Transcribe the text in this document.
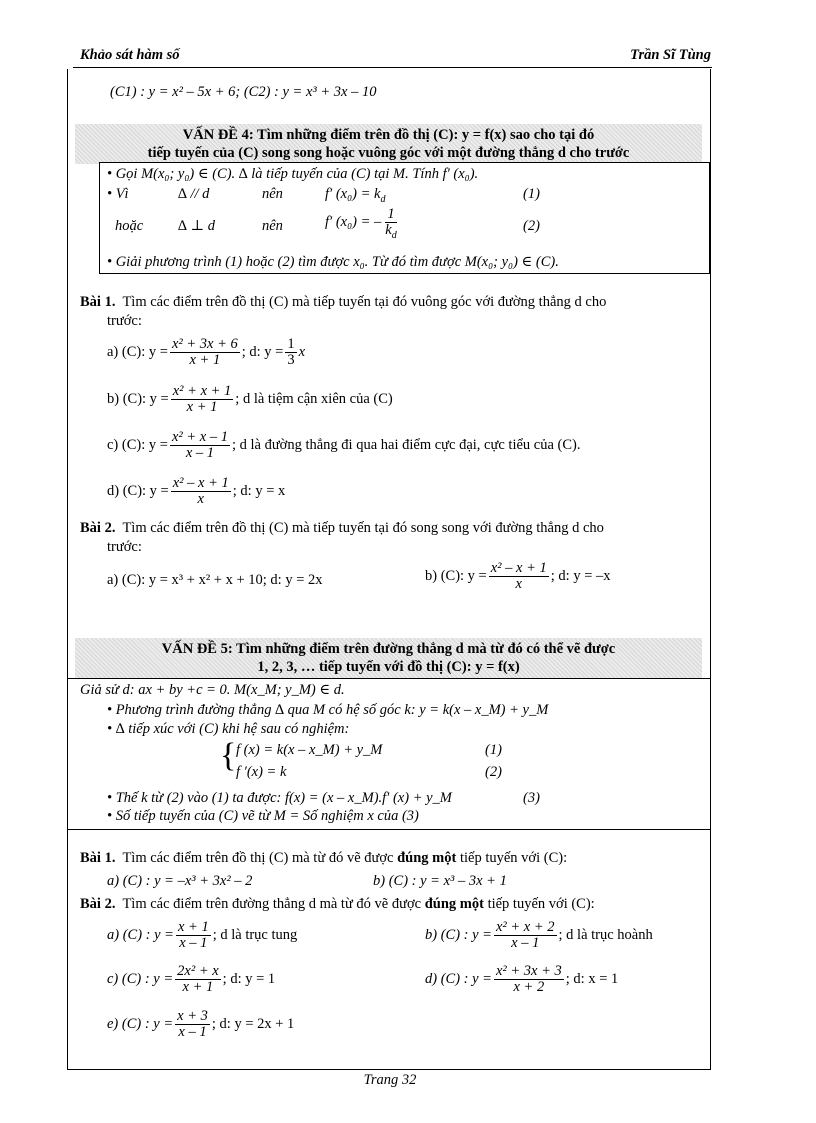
Khảo sát hàm số	Trần Sĩ Tùng
(C1) : y = x² – 5x + 6; (C2) : y = x³ + 3x – 10
VẤN ĐỀ 4: Tìm những điểm trên đồ thị (C): y = f(x) sao cho tại đó
tiếp tuyến của (C) song song hoặc vuông góc với một đường thẳng d cho trước
• Gọi M(x₀; y₀) ∈ (C). ∆ là tiếp tuyến của (C) tại M. Tính f′ (x₀).
• Vì	∆ // d	nên	f′ $(x_0) = k_d$	(1)
hoặc ∆ ⊥ d	nên	f′ (x₀) = – $\frac{1}{k_d}$	(2)
• Giải phương trình (1) hoặc (2) tìm được x₀. Từ đó tìm được M(x₀; y₀) ∈ (C).
Bài 1. Tìm các điểm trên đồ thị (C) mà tiếp tuyến tại đó vuông góc với đường thẳng d cho
trước:
a) (C): $y = \frac{\text{x² + 3x + 6}}{x + 1}$ ; d: $y = \frac{1}{3}$ x
b) (C): $y = \frac{\text{x² + x + 1}}{x + 1}$ ; d là tiệm cận xiên của (C)
c) (C): $y = \frac{\text{x² + x – 1}}{x - 1}$ ; d là đường thẳng đi qua hai điểm cực đại, cực tiểu của (C).
d) (C): $y = \frac{\text{x² – x + 1}}{x}$ ; d: y = x
Bài 2. Tìm các điểm trên đồ thị (C) mà tiếp tuyến tại đó song song với đường thẳng d cho
trước:
a) (C): y = x³ + x² + x + 10; d: y = 2x	b) (C): $y = \frac{\text{x² – x + 1}}{x}$ ; d: y = –x
VẤN ĐỀ 5: Tìm những điểm trên đường thẳng d mà từ đó có thể vẽ được
1, 2, 3, … tiếp tuyến với đồ thị (C): y = f(x)
Giả sử d: ax + by +c = 0. M(x_M; y_M) ∈ d.
• Phương trình đường thẳng ∆ qua M có hệ số góc k: y = k(x – x_M) + y_M
• ∆ tiếp xúc với (C) khi hệ sau có nghiệm:
{ f (x) = k(x – x_M) + y_M	(1)
f ′(x) = k	(2)
• Thế k từ (2) vào (1) ta được: f(x) = (x – x_M).f′ (x) + y_M	(3)
• Số tiếp tuyến của (C) vẽ từ M = Số nghiệm x của (3)
Bài 1. Tìm các điểm trên đồ thị (C) mà từ đó vẽ được đúng một tiếp tuyến với (C):
a) (C) : y = –x³ + 3x² – 2	b) (C) : y = x³ – 3x + 1
Bài 2. Tìm các điểm trên đường thẳng d mà từ đó vẽ được đúng một tiếp tuyến với (C):
a) (C) : $y = \frac{x + 1}{x - 1}$ ; d là trục tung	b) (C) : $y = \frac{\text{x² + x + 2}}{x - 1}$ ; d là trục hoành
c) (C) : $y = \frac{\text{2x² + x}}{x + 1}$ ; d: y = 1	d) (C) : $y = \frac{\text{x² + 3x + 3}}{x + 2}$ ; d: x = 1
e) (C) : $y = \frac{x + 3}{x - 1}$ ; d: y = 2x + 1
Trang 32
